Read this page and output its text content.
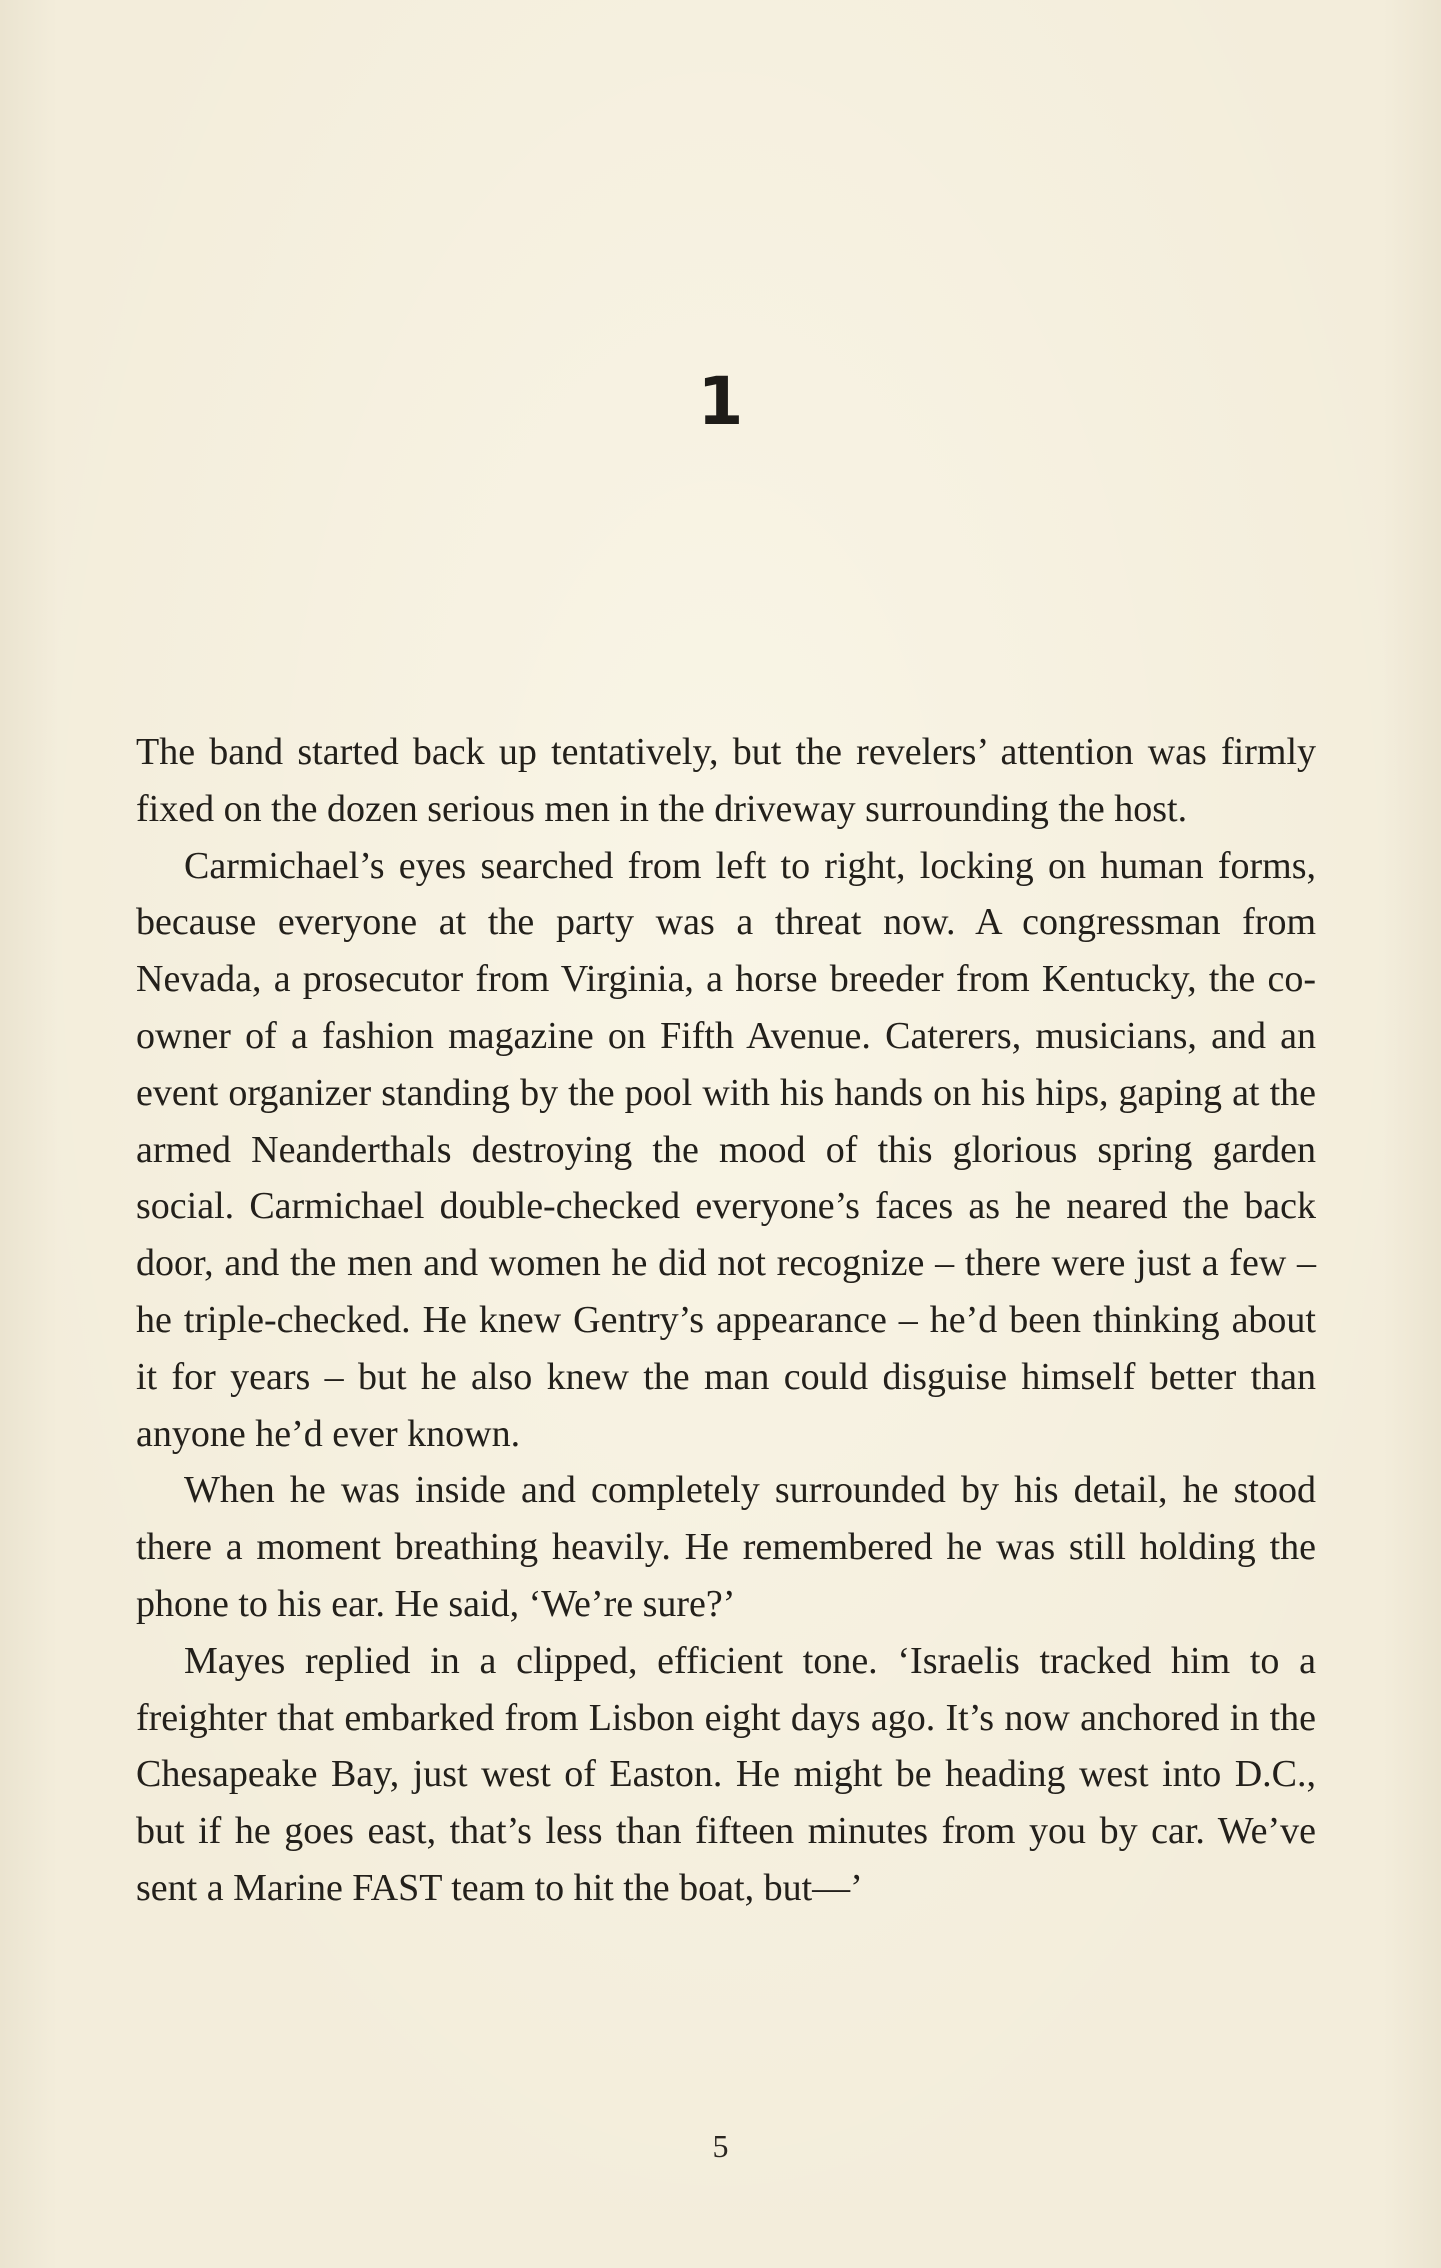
1

The band started back up tentatively, but the revelers’ attention was firmly fixed on the dozen serious men in the driveway surrounding the host.

Carmichael’s eyes searched from left to right, locking on human forms, because everyone at the party was a threat now. A congressman from Nevada, a prosecutor from Virginia, a horse breeder from Kentucky, the co-owner of a fashion magazine on Fifth Avenue. Caterers, musicians, and an event organizer standing by the pool with his hands on his hips, gaping at the armed Neanderthals destroying the mood of this glorious spring garden social. Carmichael double-checked everyone’s faces as he neared the back door, and the men and women he did not recognize – there were just a few – he triple-checked. He knew Gentry’s appearance – he’d been thinking about it for years – but he also knew the man could disguise himself better than anyone he’d ever known.

When he was inside and completely surrounded by his detail, he stood there a moment breathing heavily. He remembered he was still holding the phone to his ear. He said, ‘We’re sure?’

Mayes replied in a clipped, efficient tone. ‘Israelis tracked him to a freighter that embarked from Lisbon eight days ago. It’s now anchored in the Chesapeake Bay, just west of Easton. He might be heading west into D.C., but if he goes east, that’s less than fifteen minutes from you by car. We’ve sent a Marine FAST team to hit the boat, but—’

5
